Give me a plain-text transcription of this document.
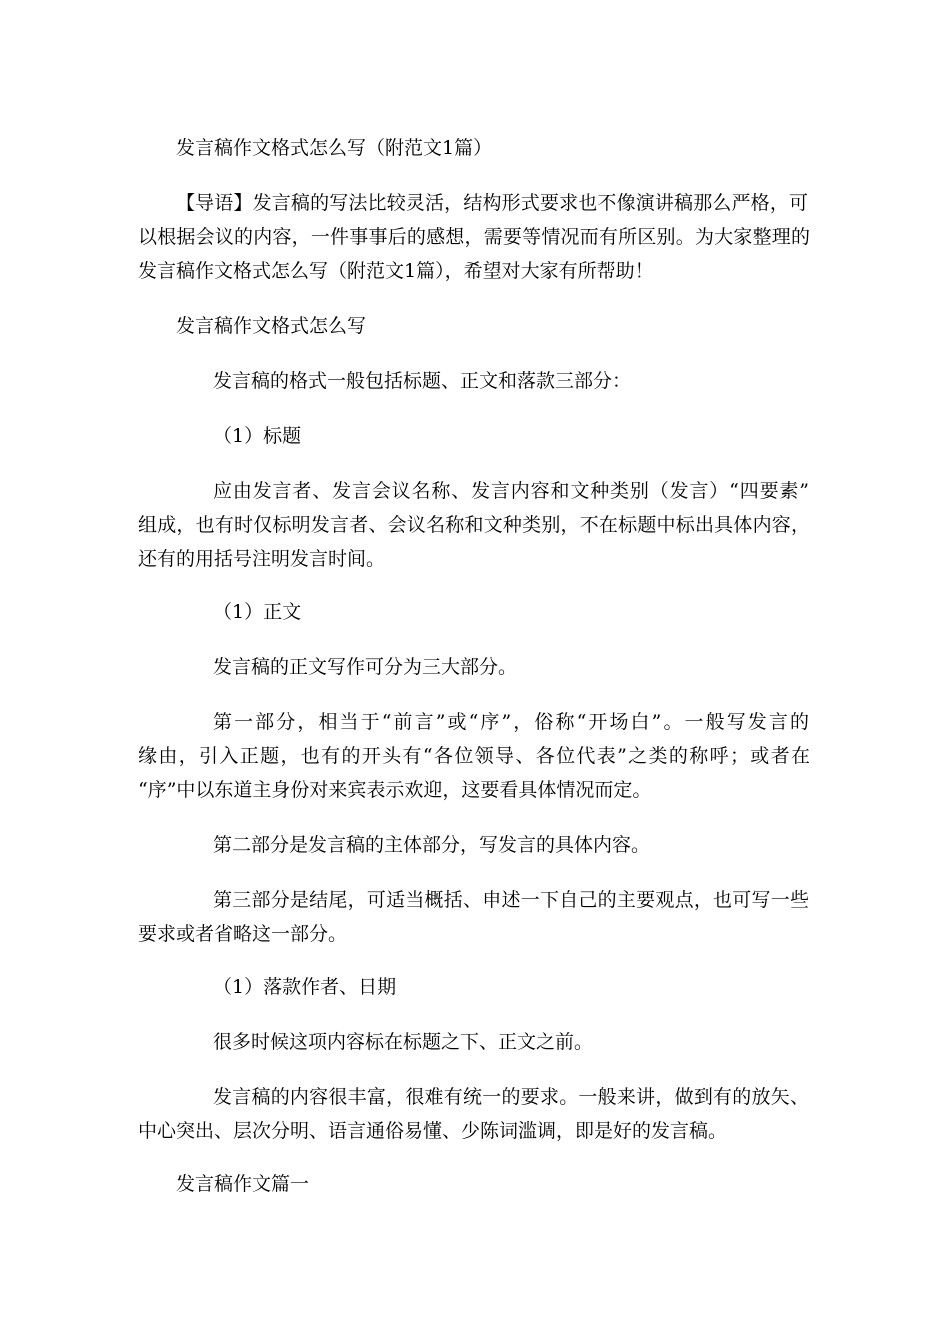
发言稿作文格式怎么写（附范文1篇）

【导语】发言稿的写法比较灵活，结构形式要求也不像演讲稿那么严格，可

以根据会议的内容，一件事事后的感想，需要等情况而有所区别。为大家整理的

发言稿作文格式怎么写（附范文1篇），希望对大家有所帮助！

发言稿作文格式怎么写

发言稿的格式一般包括标题、正文和落款三部分：

（1）标题

应由发言者、发言会议名称、发言内容和文种类别（发言）“四要素”

组成，也有时仅标明发言者、会议名称和文种类别，不在标题中标出具体内容，

还有的用括号注明发言时间。

（1）正文

发言稿的正文写作可分为三大部分。

第一部分，相当于“前言”或“序”，俗称“开场白”。一般写发言的

缘由，引入正题，也有的开头有“各位领导、各位代表”之类的称呼；或者在

“序”中以东道主身份对来宾表示欢迎，这要看具体情况而定。

第二部分是发言稿的主体部分，写发言的具体内容。

第三部分是结尾，可适当概括、申述一下自己的主要观点，也可写一些

要求或者省略这一部分。

（1）落款作者、日期

很多时候这项内容标在标题之下、正文之前。

发言稿的内容很丰富，很难有统一的要求。一般来讲，做到有的放矢、

中心突出、层次分明、语言通俗易懂、少陈词滥调，即是好的发言稿。

发言稿作文篇一
